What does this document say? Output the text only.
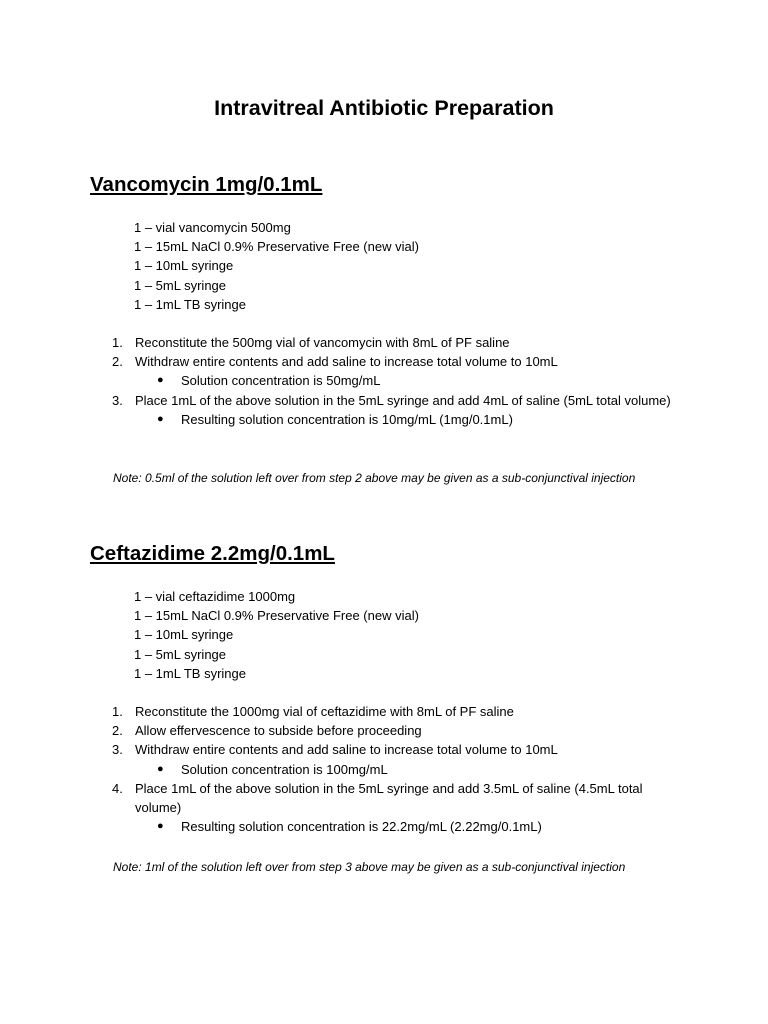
Intravitreal Antibiotic Preparation
Vancomycin 1mg/0.1mL
1 – vial vancomycin 500mg
1 – 15mL NaCl 0.9% Preservative Free (new vial)
1 – 10mL syringe
1 – 5mL syringe
1 – 1mL TB syringe
1. Reconstitute the 500mg vial of vancomycin with 8mL of PF saline
2. Withdraw entire contents and add saline to increase total volume to 10mL
● Solution concentration is 50mg/mL
3. Place 1mL of the above solution in the 5mL syringe and add 4mL of saline (5mL total volume)
● Resulting solution concentration is 10mg/mL (1mg/0.1mL)

Note: 0.5ml of the solution left over from step 2 above may be given as a sub-conjunctival injection

Ceftazidime 2.2mg/0.1mL
1 – vial ceftazidime 1000mg
1 – 15mL NaCl 0.9% Preservative Free (new vial)
1 – 10mL syringe
1 – 5mL syringe
1 – 1mL TB syringe
1. Reconstitute the 1000mg vial of ceftazidime with 8mL of PF saline
2. Allow effervescence to subside before proceeding
3. Withdraw entire contents and add saline to increase total volume to 10mL
● Solution concentration is 100mg/mL
4. Place 1mL of the above solution in the 5mL syringe and add 3.5mL of saline (4.5mL total volume)
● Resulting solution concentration is 22.2mg/mL (2.22mg/0.1mL)

Note: 1ml of the solution left over from step 3 above may be given as a sub-conjunctival injection
